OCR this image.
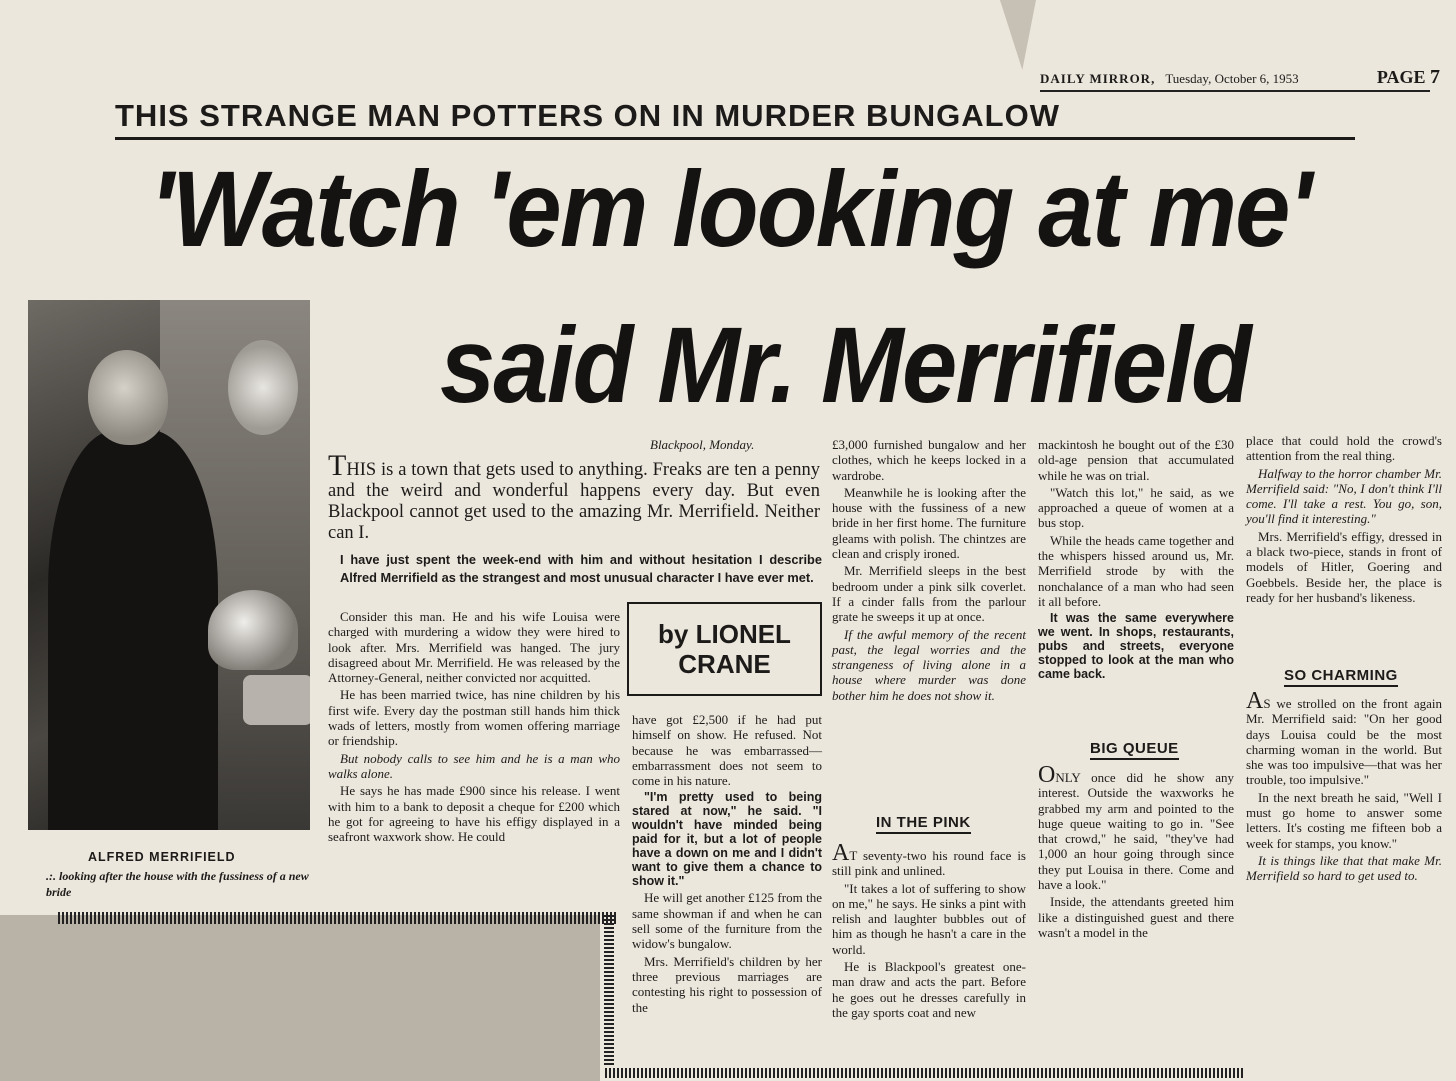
DAILY MIRROR, Tuesday, October 6, 1953	PAGE 7
THIS STRANGE MAN POTTERS ON IN MURDER BUNGALOW
'Watch 'em looking at me'
said Mr. Merrifield
ALFRED MERRIFIELD
.:. looking after the house with the fussiness of a new bride
Blackpool, Monday.
THIS is a town that gets used to anything. Freaks are ten a penny and the weird and wonderful happens every day. But even Blackpool cannot get used to the amazing Mr. Merrifield. Neither can I.
I have just spent the week-end with him and without hesitation I describe Alfred Merrifield as the strangest and most unusual character I have ever met.
by LIONEL
CRANE

Consider this man. He and his wife Louisa were charged with murdering a widow they were hired to look after. Mrs. Merrifield was hanged. The jury disagreed about Mr. Merrifield. He was released by the Attorney-General, neither convicted nor acquitted.

He has been married twice, has nine children by his first wife. Every day the postman still hands him thick wads of letters, mostly from women offering marriage or friendship.

But nobody calls to see him and he is a man who walks alone.

He says he has made £900 since his release. I went with him to a bank to deposit a cheque for £200 which he got for agreeing to have his effigy displayed in a seafront waxwork show. He could

have got £2,500 if he had put himself on show. He refused. Not because he was embarrassed—embarrassment does not seem to come in his nature.

"I'm pretty used to being stared at now," he said. "I wouldn't have minded being paid for it, but a lot of people have a down on me and I didn't want to give them a chance to show it."

He will get another £125 from the same showman if and when he can sell some of the furniture from the widow's bungalow.

Mrs. Merrifield's children by her three previous marriages are contesting his right to possession of the

£3,000 furnished bungalow and her clothes, which he keeps locked in a wardrobe.

Meanwhile he is looking after the house with the fussiness of a new bride in her first home. The furniture gleams with polish. The chintzes are clean and crisply ironed.

Mr. Merrifield sleeps in the best bedroom under a pink silk coverlet. If a cinder falls from the parlour grate he sweeps it up at once.

If the awful memory of the recent past, the legal worries and the strangeness of living alone in a house where murder was done bother him he does not show it.

IN THE PINK

AT seventy-two his round face is still pink and unlined.

"It takes a lot of suffering to show on me," he says. He sinks a pint with relish and laughter bubbles out of him as though he hasn't a care in the world.

He is Blackpool's greatest one-man draw and acts the part. Before he goes out he dresses carefully in the gay sports coat and new

mackintosh he bought out of the £30 old-age pension that accumulated while he was on trial.

"Watch this lot," he said, as we approached a queue of women at a bus stop.

While the heads came together and the whispers hissed around us, Mr. Merrifield strode by with the nonchalance of a man who had seen it all before.

It was the same everywhere we went. In shops, restaurants, pubs and streets, everyone stopped to look at the man who came back.

BIG QUEUE

ONLY once did he show any interest. Outside the waxworks he grabbed my arm and pointed to the huge queue waiting to go in. "See that crowd," he said, "they've had 1,000 an hour going through since they put Louisa in there. Come and have a look."

Inside, the attendants greeted him like a distinguished guest and there wasn't a model in the

place that could hold the crowd's attention from the real thing.

Halfway to the horror chamber Mr. Merrifield said: "No, I don't think I'll come. I'll take a rest. You go, son, you'll find it interesting."

Mrs. Merrifield's effigy, dressed in a black two-piece, stands in front of models of Hitler, Goering and Goebbels. Beside her, the place is ready for her husband's likeness.

SO CHARMING

AS we strolled on the front again Mr. Merrifield said: "On her good days Louisa could be the most charming woman in the world. But she was too impulsive—that was her trouble, too impulsive."

In the next breath he said, "Well I must go home to answer some letters. It's costing me fifteen bob a week for stamps, you know."

It is things like that that make Mr. Merrifield so hard to get used to.
